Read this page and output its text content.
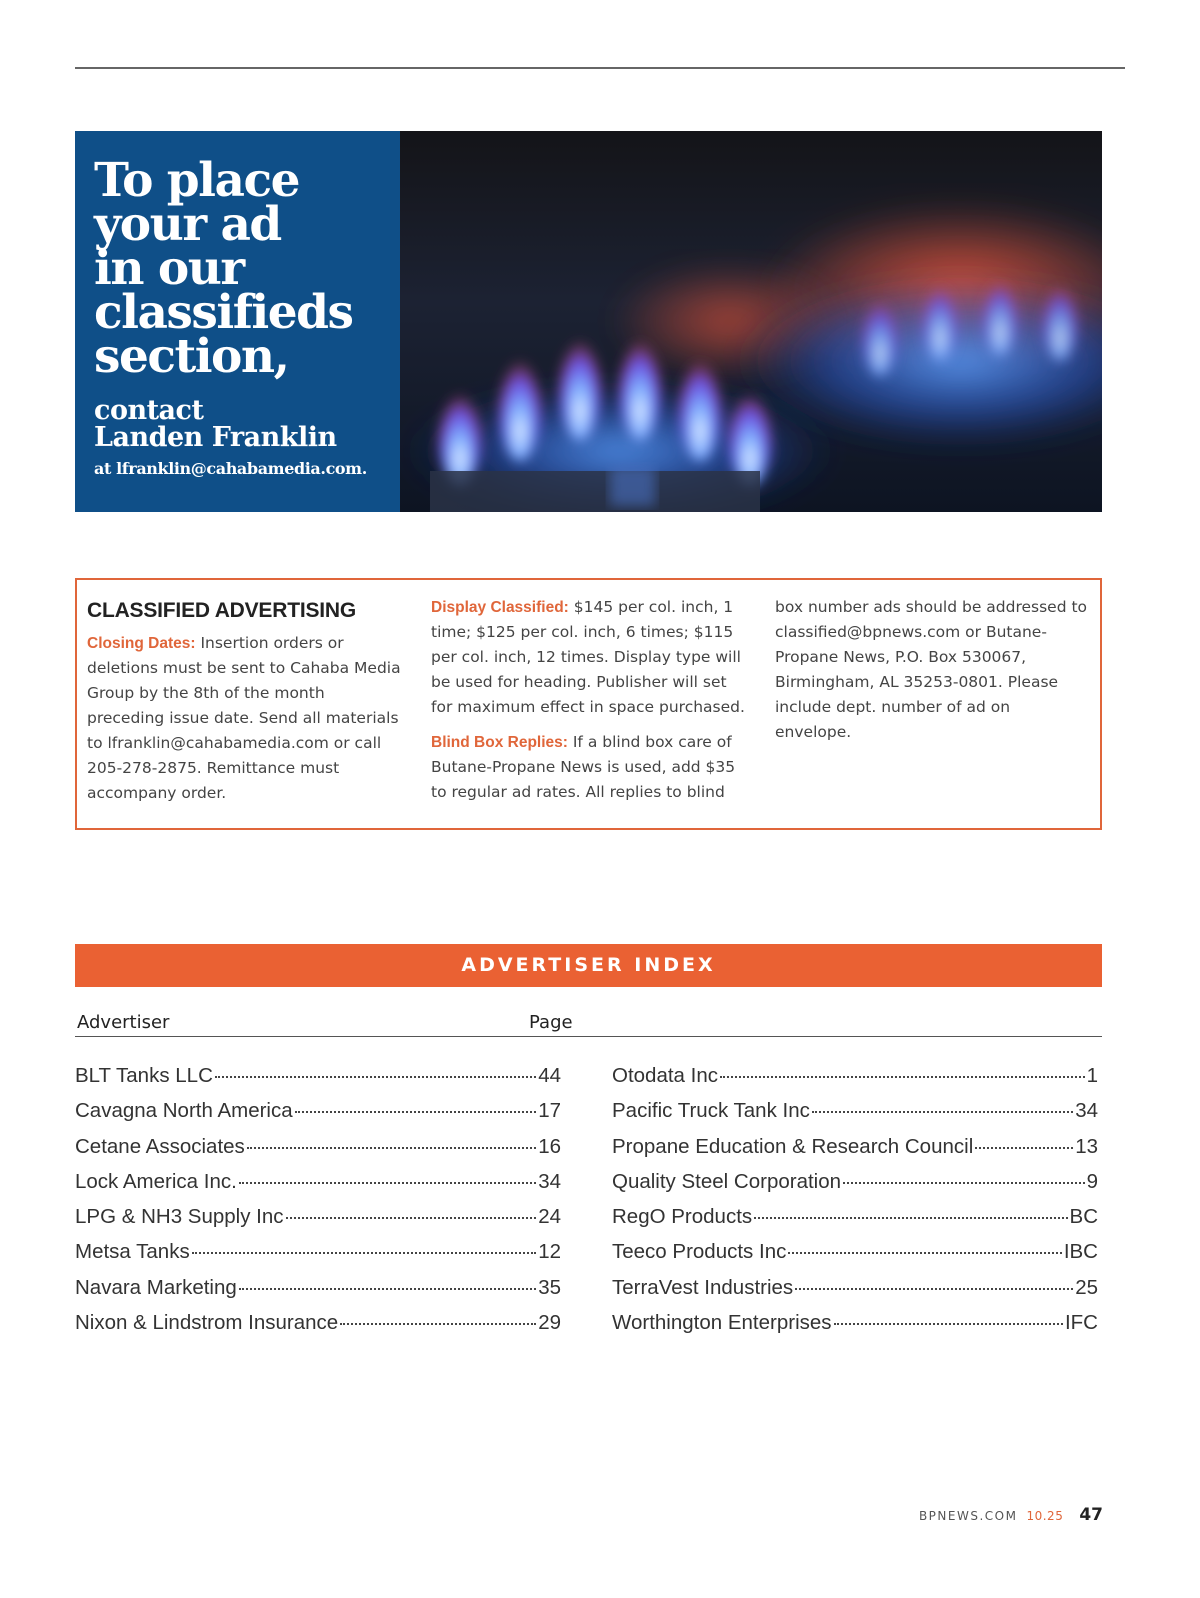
To place
your ad
in our
classifieds
section,
contact
Landen Franklin
at lfranklin@cahabamedia.com.
CLASSIFIED ADVERTISING
Closing Dates: Insertion orders or deletions must be sent to Cahaba Media Group by the 8th of the month preceding issue date. Send all materials to lfranklin@cahabamedia.com or call 205-278-2875. Remittance must accompany order.
Display Classified: $145 per col. inch, 1 time; $125 per col. inch, 6 times; $115 per col. inch, 12 times. Display type will be used for heading. Publisher will set for maximum effect in space purchased.
Blind Box Replies: If a blind box care of Butane-Propane News is used, add $35 to regular ad rates. All replies to blind
box number ads should be addressed to classified@bpnews.com or Butane-Propane News, P.O. Box 530067, Birmingham, AL 35253-0801. Please include dept. number of ad on envelope.
ADVERTISER INDEX
Advertiser	Page
BLT Tanks LLC	44
Cavagna North America	17
Cetane Associates	16
Lock America Inc.	34
LPG & NH3 Supply Inc	24
Metsa Tanks	12
Navara Marketing	35
Nixon & Lindstrom Insurance	29
Otodata Inc	1
Pacific Truck Tank Inc	34
Propane Education & Research Council	13
Quality Steel Corporation	9
RegO Products	BC
Teeco Products Inc	IBC
TerraVest Industries	25
Worthington Enterprises	IFC
BPNEWS.COM 10.25 47
